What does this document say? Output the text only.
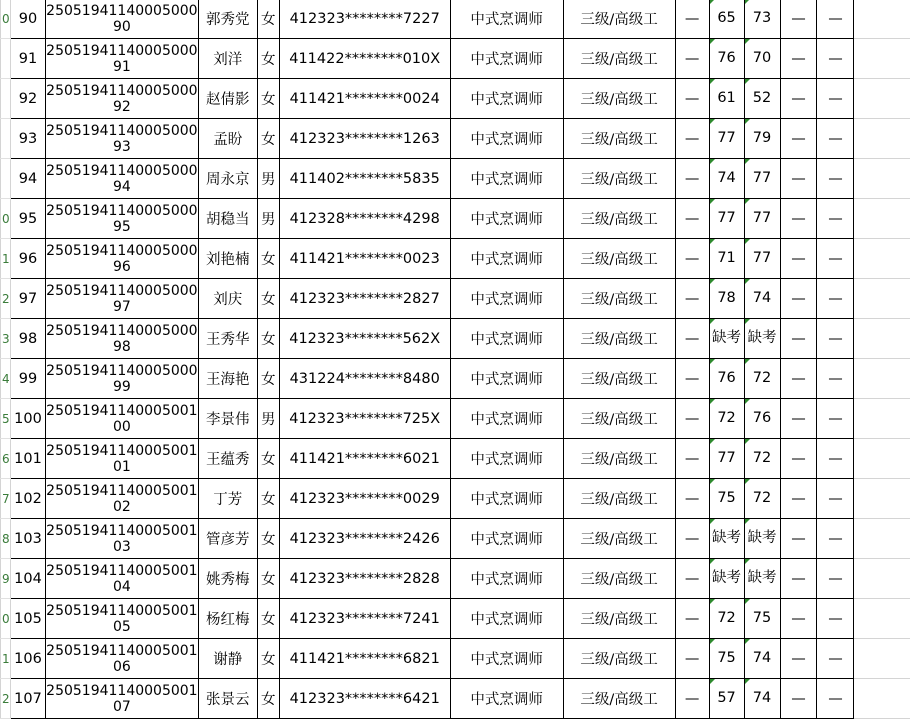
0	90	2505194114000500090	郭秀党	女	412323********7227	中式烹调师	三级/高级工	—	65	73	—	—	
	91	2505194114000500091	刘洋	女	411422********010X	中式烹调师	三级/高级工	—	76	70	—	—	
	92	2505194114000500092	赵倩影	女	411421********0024	中式烹调师	三级/高级工	—	61	52	—	—	
	93	2505194114000500093	孟盼	女	412323********1263	中式烹调师	三级/高级工	—	77	79	—	—	
	94	2505194114000500094	周永京	男	411402********5835	中式烹调师	三级/高级工	—	74	77	—	—	
0	95	2505194114000500095	胡稳当	男	412328********4298	中式烹调师	三级/高级工	—	77	77	—	—	
1	96	2505194114000500096	刘艳楠	女	411421********0023	中式烹调师	三级/高级工	—	71	77	—	—	
2	97	2505194114000500097	刘庆	女	412323********2827	中式烹调师	三级/高级工	—	78	74	—	—	
3	98	2505194114000500098	王秀华	女	412323********562X	中式烹调师	三级/高级工	—	缺考	缺考	—	—	
4	99	2505194114000500099	王海艳	女	431224********8480	中式烹调师	三级/高级工	—	76	72	—	—	
5	100	2505194114000500100	李景伟	男	412323********725X	中式烹调师	三级/高级工	—	72	76	—	—	
6	101	2505194114000500101	王蕴秀	女	411421********6021	中式烹调师	三级/高级工	—	77	72	—	—	
7	102	2505194114000500102	丁芳	女	412323********0029	中式烹调师	三级/高级工	—	75	72	—	—	
8	103	2505194114000500103	管彦芳	女	412323********2426	中式烹调师	三级/高级工	—	缺考	缺考	—	—	
9	104	2505194114000500104	姚秀梅	女	412323********2828	中式烹调师	三级/高级工	—	缺考	缺考	—	—	
0	105	2505194114000500105	杨红梅	女	412323********7241	中式烹调师	三级/高级工	—	72	75	—	—	
1	106	2505194114000500106	谢静	女	411421********6821	中式烹调师	三级/高级工	—	75	74	—	—	
2	107	2505194114000500107	张景云	女	412323********6421	中式烹调师	三级/高级工	—	57	74	—	—	
